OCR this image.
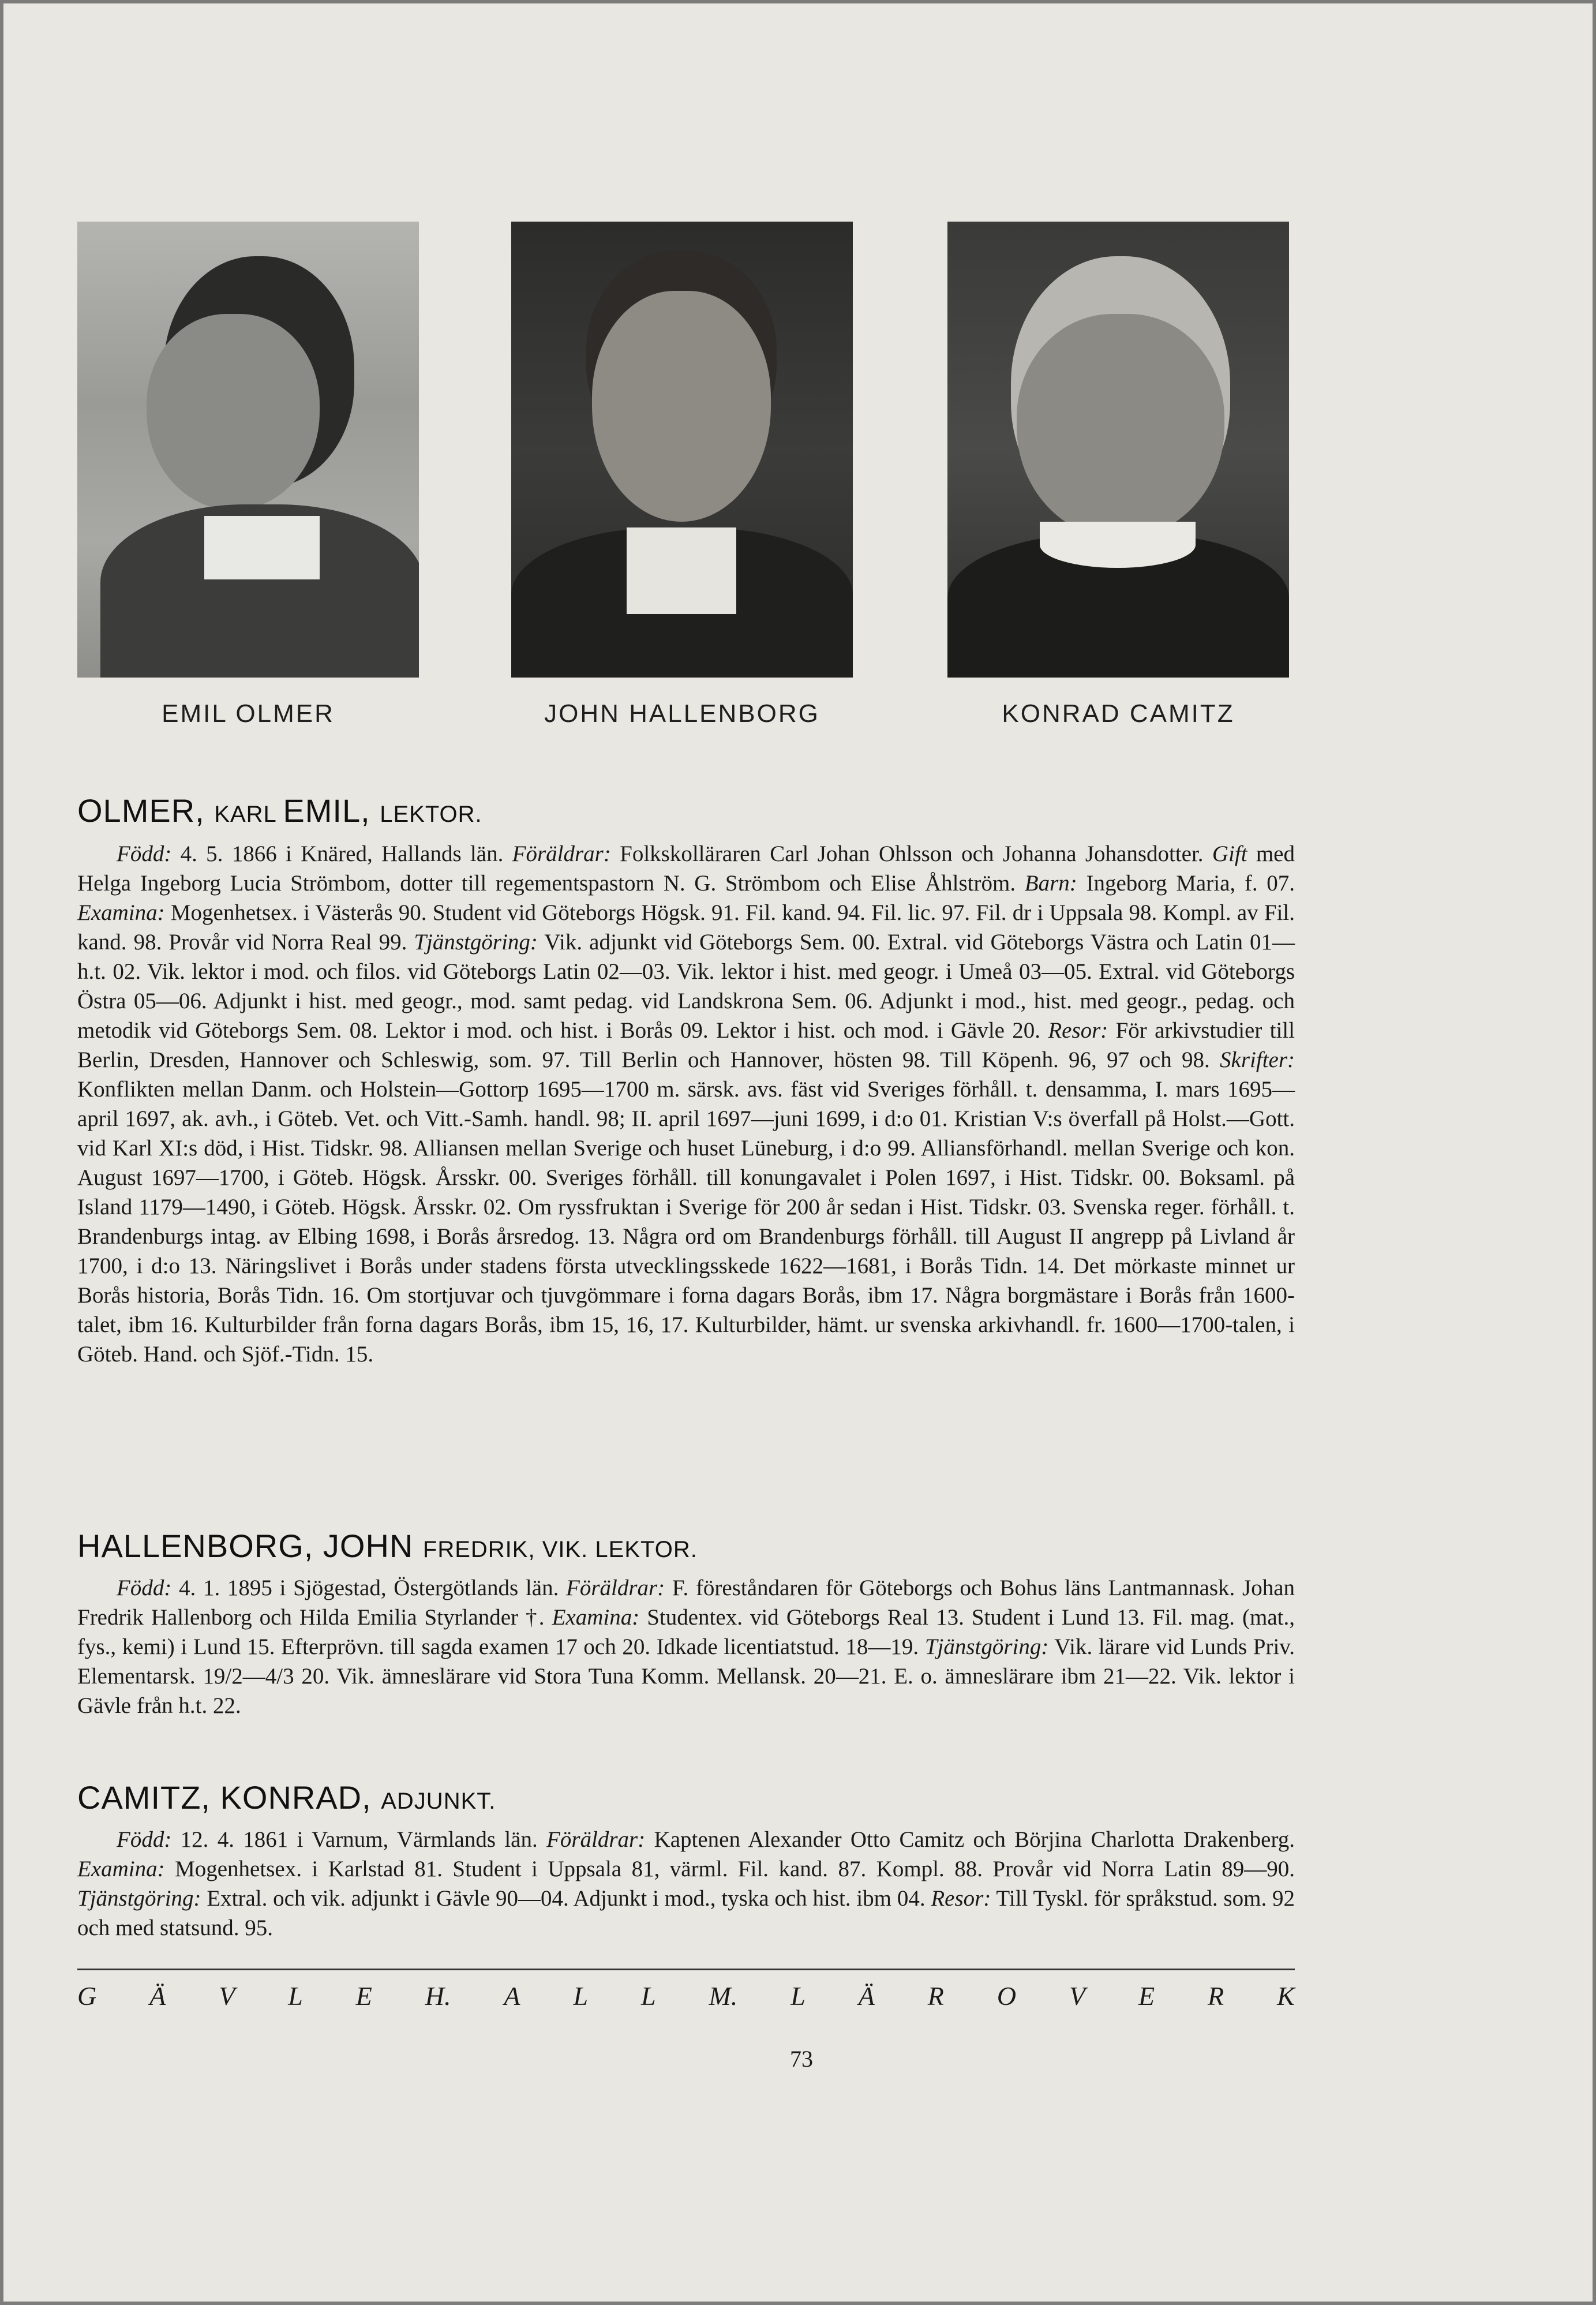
EMIL OLMER	JOHN HALLENBORG	KONRAD CAMITZ
OLMER, KARL EMIL, LEKTOR.
Född: 4. 5. 1866 i Knäred, Hallands län. Föräldrar: Folkskolläraren Carl Johan Ohlsson och Johanna Johansdotter. Gift med Helga Ingeborg Lucia Strömbom, dotter till regementspastorn N. G. Strömbom och Elise Åhlström. Barn: Ingeborg Maria, f. 07. Examina: Mogenhetsex. i Västerås 90. Student vid Göteborgs Högsk. 91. Fil. kand. 94. Fil. lic. 97. Fil. dr i Uppsala 98. Kompl. av Fil. kand. 98. Provår vid Norra Real 99. Tjänstgöring: Vik. adjunkt vid Göteborgs Sem. 00. Extral. vid Göteborgs Västra och Latin 01—h.t. 02. Vik. lektor i mod. och filos. vid Göteborgs Latin 02—03. Vik. lektor i hist. med geogr. i Umeå 03—05. Extral. vid Göteborgs Östra 05—06. Adjunkt i hist. med geogr., mod. samt pedag. vid Landskrona Sem. 06. Adjunkt i mod., hist. med geogr., pedag. och metodik vid Göteborgs Sem. 08. Lektor i mod. och hist. i Borås 09. Lektor i hist. och mod. i Gävle 20. Resor: För arkivstudier till Berlin, Dresden, Hannover och Schleswig, som. 97. Till Berlin och Hannover, hösten 98. Till Köpenh. 96, 97 och 98. Skrifter: Konflikten mellan Danm. och Holstein—Gottorp 1695—1700 m. särsk. avs. fäst vid Sveriges förhåll. t. densamma, I. mars 1695—april 1697, ak. avh., i Göteb. Vet. och Vitt.-Samh. handl. 98; II. april 1697—juni 1699, i d:o 01. Kristian V:s överfall på Holst.—Gott. vid Karl XI:s död, i Hist. Tidskr. 98. Alliansen mellan Sverige och huset Lüneburg, i d:o 99. Alliansförhandl. mellan Sverige och kon. August 1697—1700, i Göteb. Högsk. Årsskr. 00. Sveriges förhåll. till konungavalet i Polen 1697, i Hist. Tidskr. 00. Boksaml. på Island 1179—1490, i Göteb. Högsk. Årsskr. 02. Om ryssfruktan i Sverige för 200 år sedan i Hist. Tidskr. 03. Svenska reger. förhåll. t. Brandenburgs intag. av Elbing 1698, i Borås årsredog. 13. Några ord om Brandenburgs förhåll. till August II angrepp på Livland år 1700, i d:o 13. Näringslivet i Borås under stadens första utvecklingsskede 1622—1681, i Borås Tidn. 14. Det mörkaste minnet ur Borås historia, Borås Tidn. 16. Om stortjuvar och tjuvgömmare i forna dagars Borås, ibm 17. Några borgmästare i Borås från 1600-talet, ibm 16. Kulturbilder från forna dagars Borås, ibm 15, 16, 17. Kulturbilder, hämt. ur svenska arkivhandl. fr. 1600—1700-talen, i Göteb. Hand. och Sjöf.-Tidn. 15.
HALLENBORG, JOHN FREDRIK, VIK. LEKTOR.
Född: 4. 1. 1895 i Sjögestad, Östergötlands län. Föräldrar: F. föreståndaren för Göteborgs och Bohus läns Lantmannask. Johan Fredrik Hallenborg och Hilda Emilia Styrlander †. Examina: Studentex. vid Göteborgs Real 13. Student i Lund 13. Fil. mag. (mat., fys., kemi) i Lund 15. Efterprövn. till sagda examen 17 och 20. Idkade licentiatstud. 18—19. Tjänstgöring: Vik. lärare vid Lunds Priv. Elementarsk. 19/2—4/3 20. Vik. ämneslärare vid Stora Tuna Komm. Mellansk. 20—21. E. o. ämneslärare ibm 21—22. Vik. lektor i Gävle från h.t. 22.
CAMITZ, KONRAD, ADJUNKT.
Född: 12. 4. 1861 i Varnum, Värmlands län. Föräldrar: Kaptenen Alexander Otto Camitz och Börjina Charlotta Drakenberg. Examina: Mogenhetsex. i Karlstad 81. Student i Uppsala 81, värml. Fil. kand. 87. Kompl. 88. Provår vid Norra Latin 89—90. Tjänstgöring: Extral. och vik. adjunkt i Gävle 90—04. Adjunkt i mod., tyska och hist. ibm 04. Resor: Till Tyskl. för språkstud. som. 92 och med statsund. 95.
G Ä V L E H. A L L M. L Ä R O V E R K
73
